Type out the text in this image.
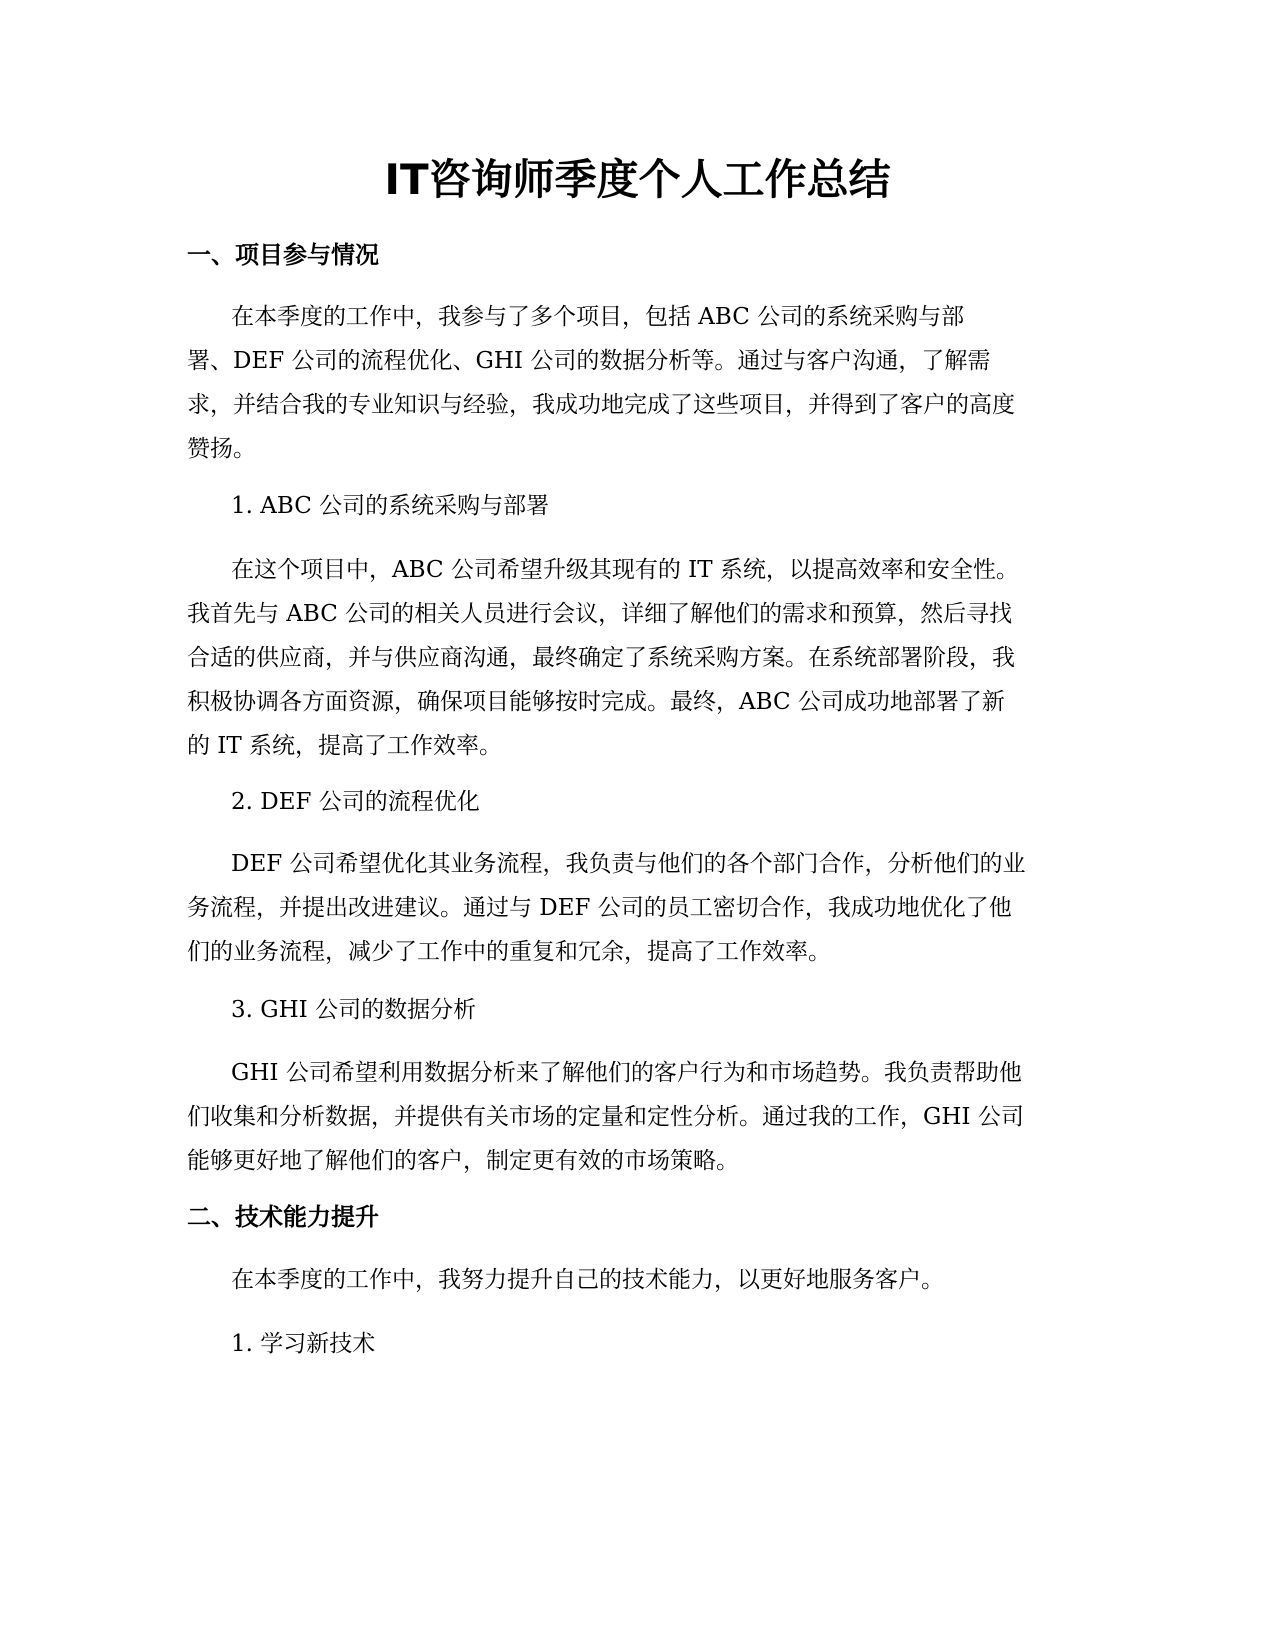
IT咨询师季度个人工作总结
一、项目参与情况

在本季度的工作中，我参与了多个项目，包括 ABC 公司的系统采购与部
署、DEF 公司的流程优化、GHI 公司的数据分析等。通过与客户沟通，了解需
求，并结合我的专业知识与经验，我成功地完成了这些项目，并得到了客户的高度
赞扬。

1. ABC 公司的系统采购与部署

在这个项目中，ABC 公司希望升级其现有的 IT 系统，以提高效率和安全性。
我首先与 ABC 公司的相关人员进行会议，详细了解他们的需求和预算，然后寻找
合适的供应商，并与供应商沟通，最终确定了系统采购方案。在系统部署阶段，我
积极协调各方面资源，确保项目能够按时完成。最终，ABC 公司成功地部署了新
的 IT 系统，提高了工作效率。

2. DEF 公司的流程优化

DEF 公司希望优化其业务流程，我负责与他们的各个部门合作，分析他们的业
务流程，并提出改进建议。通过与 DEF 公司的员工密切合作，我成功地优化了他
们的业务流程，减少了工作中的重复和冗余，提高了工作效率。

3. GHI 公司的数据分析

GHI 公司希望利用数据分析来了解他们的客户行为和市场趋势。我负责帮助他
们收集和分析数据，并提供有关市场的定量和定性分析。通过我的工作，GHI 公司
能够更好地了解他们的客户，制定更有效的市场策略。

二、技术能力提升

在本季度的工作中，我努力提升自己的技术能力，以更好地服务客户。

1. 学习新技术
